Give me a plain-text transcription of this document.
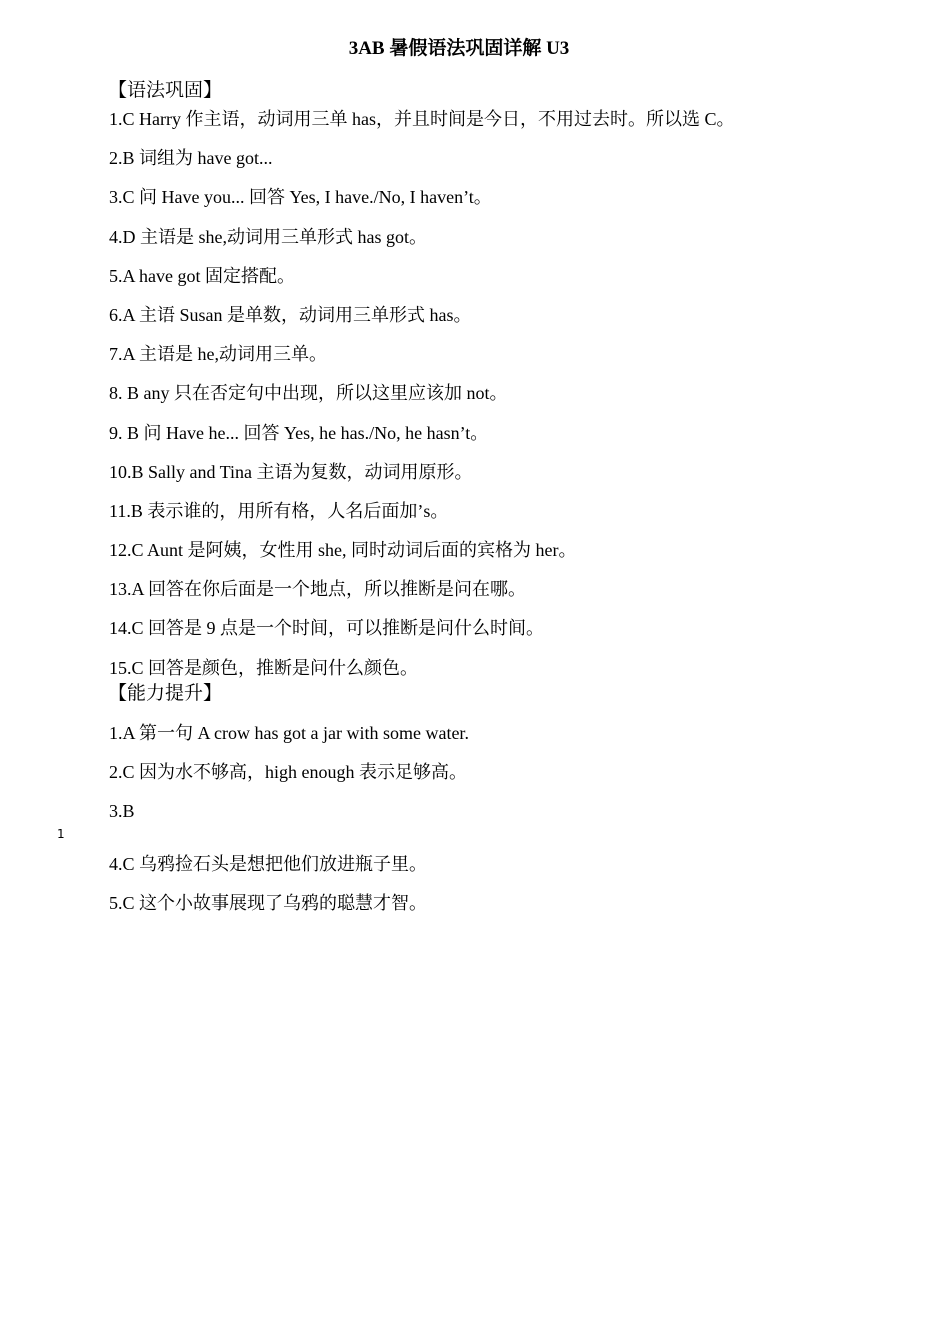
3AB 暑假语法巩固详解 U3
【语法巩固】
1.C Harry 作主语，动词用三单 has，并且时间是今日，不用过去时。所以选 C。
2.B 词组为 have got...
3.C 问 Have you... 回答 Yes, I have./No, I haven’t。
4.D 主语是 she,动词用三单形式 has got。
5.A have got 固定搭配。
6.A 主语 Susan 是单数，动词用三单形式 has。
7.A 主语是 he,动词用三单。
8. B any 只在否定句中出现，所以这里应该加 not。
9. B 问 Have he... 回答 Yes, he has./No, he hasn’t。
10.B Sally and Tina 主语为复数，动词用原形。
11.B 表示谁的，用所有格，人名后面加’s。
12.C Aunt 是阿姨，女性用 she, 同时动词后面的宾格为 her。
13.A 回答在你后面是一个地点，所以推断是问在哪。
14.C 回答是 9 点是一个时间，可以推断是问什么时间。
15.C 回答是颜色，推断是问什么颜色。
【能力提升】
1.A 第一句 A crow has got a jar with some water.
2.C 因为水不够高，high enough 表示足够高。
3.B
4.C 乌鸦捡石头是想把他们放进瓶子里。
5.C 这个小故事展现了乌鸦的聪慧才智。
1
